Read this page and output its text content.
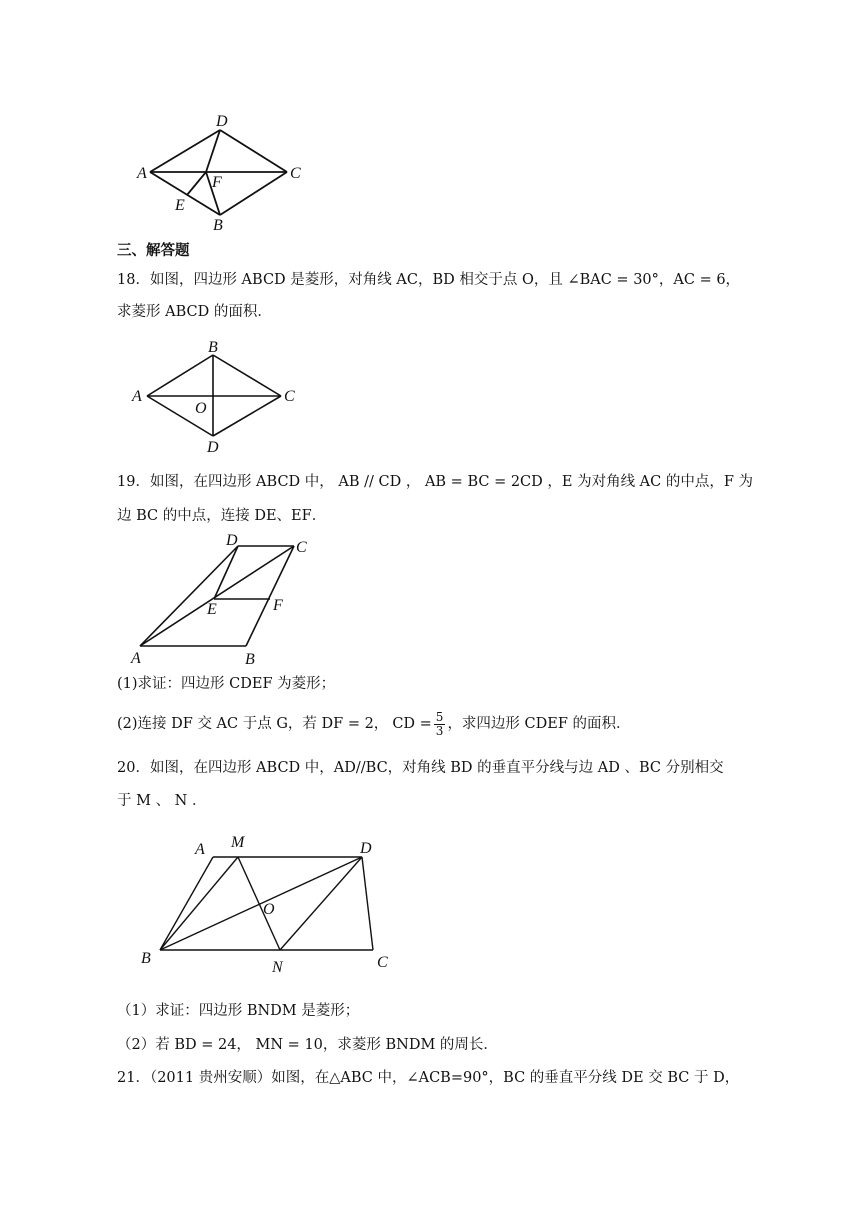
D
A	C
F
E
B
三、解答题
18．如图，四边形 ABCD 是菱形，对角线 AC，BD 相交于点 O，且 ∠BAC = 30°，AC = 6，
求菱形 ABCD 的面积．
B
A
O
C
D
19．如图，在四边形 ABCD 中， AB // CD ， AB = BC = 2CD ，E 为对角线 AC 的中点，F 为
边 BC 的中点，连接 DE、EF．
D	C
E	F
A	B
(1)求证：四边形 CDEF 为菱形；
(2)连接 DF 交 AC 于点 G，若 DF = 2， CD = $\frac{5}{3}$ ，求四边形 CDEF 的面积．
20．如图，在四边形 ABCD 中，AD//BC，对角线 BD 的垂直平分线与边 AD 、BC 分别相交
于 M 、 N ．
A M	D
O
B
N	C
（1）求证：四边形 BNDM 是菱形；
（2）若 BD = 24， MN = 10，求菱形 BNDM 的周长．
21．（2011 贵州安顺）如图，在△ABC 中，∠ACB=90°，BC 的垂直平分线 DE 交 BC 于 D，
